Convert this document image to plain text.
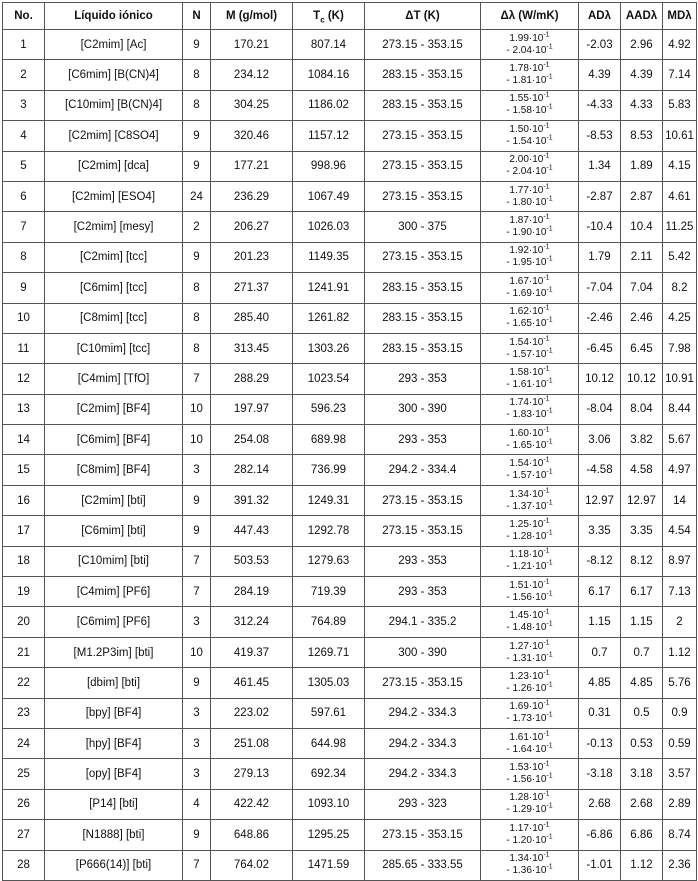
No.	Líquido iónico	N	M (g/mol)	$T_c$ (K)	ΔT (K)	Δλ (W/mK)	ADλ	AADλ	MDλ
1	[C2mim] [Ac]	9	170.21	807.14	273.15 - 353.15	$1.99\cdot 10^{-1}$
- $2.04\cdot 10^{-1}$	-2.03	2.96	4.92
2	[C6mim] [B(CN)4]	8	234.12	1084.16	283.15 - 353.15	$1.78\cdot 10^{-1}$
- $1.81\cdot 10^{-1}$	4.39	4.39	7.14
3	[C10mim] [B(CN)4]	8	304.25	1186.02	283.15 - 353.15	$1.55\cdot 10^{-1}$
- $1.58\cdot 10^{-1}$	-4.33	4.33	5.83
4	[C2mim] [C8SO4]	9	320.46	1157.12	273.15 - 353.15	$1.50\cdot 10^{-1}$
- $1.54\cdot 10^{-1}$	-8.53	8.53	10.61
5	[C2mim] [dca]	9	177.21	998.96	273.15 - 353.15	$2.00\cdot 10^{-1}$
- $2.04\cdot 10^{-1}$	1.34	1.89	4.15
6	[C2mim] [ESO4]	24	236.29	1067.49	273.15 - 353.15	$1.77\cdot 10^{-1}$
- $1.80\cdot 10^{-1}$	-2.87	2.87	4.61
7	[C2mim] [mesy]	2	206.27	1026.03	300 - 375	$1.87\cdot 10^{-1}$
- $1.90\cdot 10^{-1}$	-10.4	10.4	11.25
8	[C2mim] [tcc]	9	201.23	1149.35	273.15 - 353.15	$1.92\cdot 10^{-1}$
- $1.95\cdot 10^{-1}$	1.79	2.11	5.42
9	[C6mim] [tcc]	8	271.37	1241.91	283.15 - 353.15	$1.67\cdot 10^{-1}$
- $1.69\cdot 10^{-1}$	-7.04	7.04	8.2
10	[C8mim] [tcc]	8	285.40	1261.82	283.15 - 353.15	$1.62\cdot 10^{-1}$
- $1.65\cdot 10^{-1}$	-2.46	2.46	4.25
11	[C10mim] [tcc]	8	313.45	1303.26	283.15 - 353.15	$1.54\cdot 10^{-1}$
- $1.57\cdot 10^{-1}$	-6.45	6.45	7.98
12	[C4mim] [TfO]	7	288.29	1023.54	293 - 353	$1.58\cdot 10^{-1}$
- $1.61\cdot 10^{-1}$	10.12	10.12	10.91
13	[C2mim] [BF4]	10	197.97	596.23	300 - 390	$1.74\cdot 10^{-1}$
- $1.83\cdot 10^{-1}$	-8.04	8.04	8.44
14	[C6mim] [BF4]	10	254.08	689.98	293 - 353	$1.60\cdot 10^{-1}$
- $1.65\cdot 10^{-1}$	3.06	3.82	5.67
15	[C8mim] [BF4]	3	282.14	736.99	294.2 - 334.4	$1.54\cdot 10^{-1}$
- $1.57\cdot 10^{-1}$	-4.58	4.58	4.97
16	[C2mim] [bti]	9	391.32	1249.31	273.15 - 353.15	$1.34\cdot 10^{-1}$
- $1.37\cdot 10^{-1}$	12.97	12.97	14
17	[C6mim] [bti]	9	447.43	1292.78	273.15 - 353.15	$1.25\cdot 10^{-1}$
- $1.28\cdot 10^{-1}$	3.35	3.35	4.54
18	[C10mim] [bti]	7	503.53	1279.63	293 - 353	$1.18\cdot 10^{-1}$
- $1.21\cdot 10^{-1}$	-8.12	8.12	8.97
19	[C4mim] [PF6]	7	284.19	719.39	293 - 353	$1.51\cdot 10^{-1}$
- $1.56\cdot 10^{-1}$	6.17	6.17	7.13
20	[C6mim] [PF6]	3	312.24	764.89	294.1 - 335.2	$1.45\cdot 10^{-1}$
- $1.48\cdot 10^{-1}$	1.15	1.15	2
21	[M1.2P3im] [bti]	10	419.37	1269.71	300 - 390	$1.27\cdot 10^{-1}$
- $1.31\cdot 10^{-1}$	0.7	0.7	1.12
22	[dbim] [bti]	9	461.45	1305.03	273.15 - 353.15	$1.23\cdot 10^{-1}$
- $1.26\cdot 10^{-1}$	4.85	4.85	5.76
23	[bpy] [BF4]	3	223.02	597.61	294.2 - 334.3	$1.69\cdot 10^{-1}$
- $1.73\cdot 10^{-1}$	0.31	0.5	0.9
24	[hpy] [BF4]	3	251.08	644.98	294.2 - 334.3	$1.61\cdot 10^{-1}$
- $1.64\cdot 10^{-1}$	-0.13	0.53	0.59
25	[opy] [BF4]	3	279.13	692.34	294.2 - 334.3	$1.53\cdot 10^{-1}$
- $1.56\cdot 10^{-1}$	-3.18	3.18	3.57
26	[P14] [bti]	4	422.42	1093.10	293 - 323	$1.28\cdot 10^{-1}$
- $1.29\cdot 10^{-1}$	2.68	2.68	2.89
27	[N1888] [bti]	9	648.86	1295.25	273.15 - 353.15	$1.17\cdot 10^{-1}$
- $1.20\cdot 10^{-1}$	-6.86	6.86	8.74
28	[P666(14)] [bti]	7	764.02	1471.59	285.65 - 333.55	$1.34\cdot 10^{-1}$
- $1.36\cdot 10^{-1}$	-1.01	1.12	2.36
